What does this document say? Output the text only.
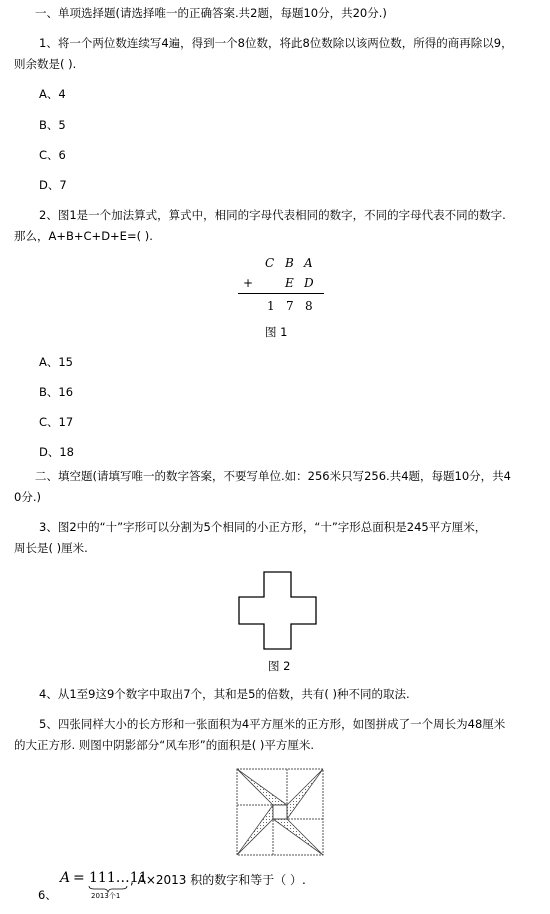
一、单项选择题(请选择唯一的正确答案.共2题，每题10分，共20分.)
1、将一个两位数连续写4遍，得到一个8位数，将此8位数除以该两位数，所得的商再除以9，
则余数是( ).
A、4
B、5
C、6
D、7
2、图1是一个加法算式，算式中，相同的字母代表相同的数字，不同的字母代表不同的数字.
那么，A+B+C+D+E=( ).
C B A
+	E D
1 7 8
图 1
A、15
B、16
C、17
D、18
二、填空题(请填写唯一的数字答案，不要写单位.如：256米只写256.共4题，每题10分，共4
0分.)
3、图2中的“十”字形可以分割为5个相同的小正方形，“十”字形总面积是245平方厘米，
周长是( )厘米.
图 2
4、从1至9这9个数字中取出7个，其和是5的倍数，共有( )种不同的取法.
5、四张同样大小的长方形和一张面积为4平方厘米的正方形，如图拼成了一个周长为48厘米
的大正方形. 则图中阴影部分“风车形”的面积是( )平方厘米.
A = 111…11
2013个1
, A×2013 积的数字和等于（ ）.
6、
